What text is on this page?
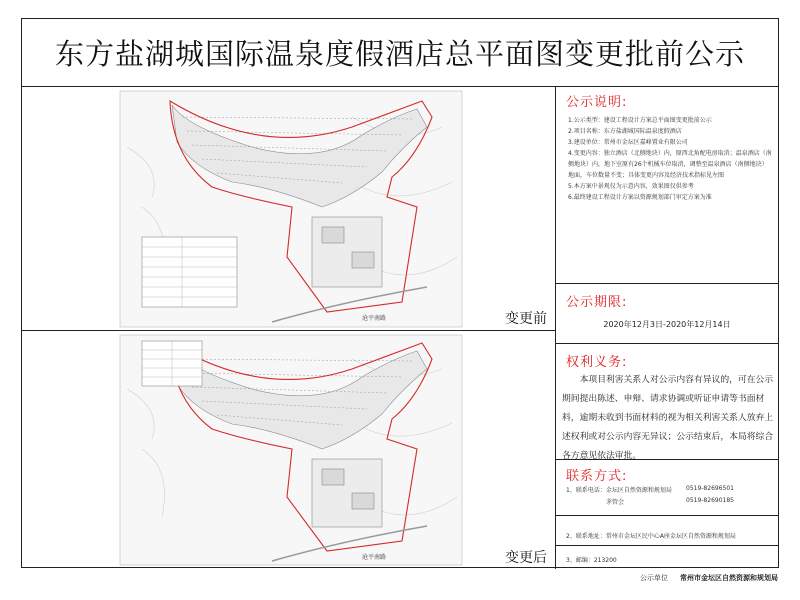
东方盐湖城国际温泉度假酒店总平面图变更批前公示
沧平南路	变更前
沧平南路	变更后
公示说明:
1.公示类型：建设工程设计方案总平面图变更批前公示
2.项目名称：东方盐湖城国际温泉度假酒店
3.建设单位：常州市金坛区嘉峰置业有限公司
4.变更内容：独立酒店（北侧地块）内，原西北角配电房取消；温泉酒店（南侧地块）内，地下室原有26个机械车位取消，调整至温泉酒店（南侧地块）地面，车位数量不变；具体变更内容及经济技术指标见左图
5.本方案中景观仅为示意内容，效果图仅供参考
6.最终建设工程设计方案以资源规划部门审定方案为准
公示期限:
2020年12月3日-2020年12月14日
权利义务:
本项目利害关系人对公示内容有异议的，可在公示期间提出陈述、申辩、请求协调或听证申请等书面材料，逾期未收到书面材料的视为相关利害关系人放弃上述权利或对公示内容无异议；公示结束后，本局将综合各方意见依法审批。
联系方式:
1、联系电话：金坛区自然资源和规划局 0519-82696501
茅管会	0519-82690185
2、联系地址：常州市金坛区民中心A座金坛区自然资源和规划局
3、邮编：213200
公示单位 常州市金坛区自然资源和规划局
